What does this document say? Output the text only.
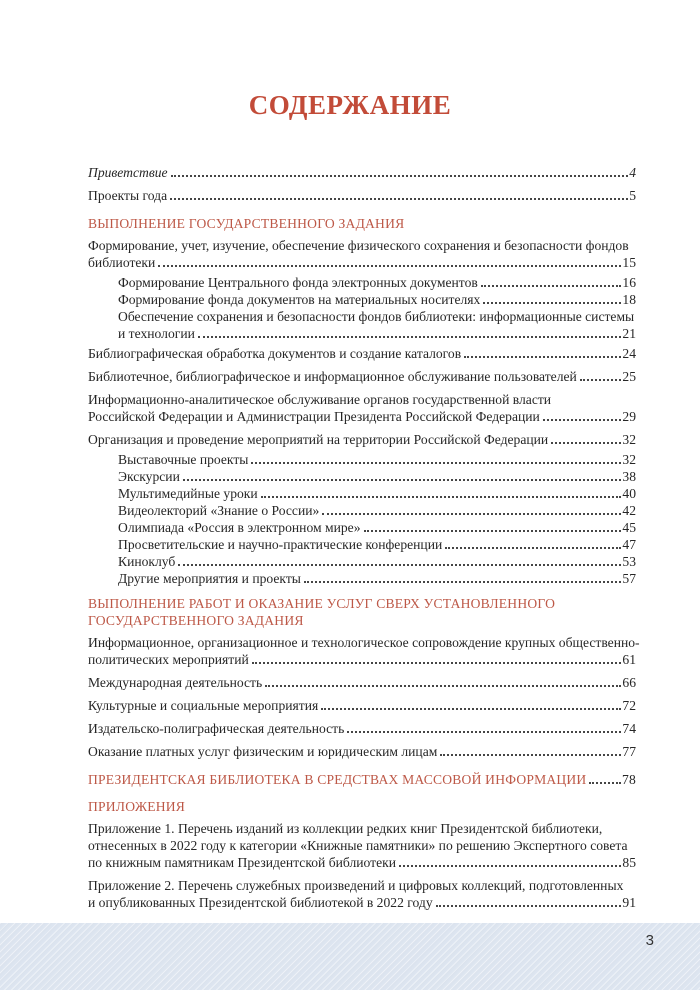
СОДЕРЖАНИЕ
Приветствие	4
Проекты года	5
ВЫПОЛНЕНИЕ ГОСУДАРСТВЕННОГО ЗАДАНИЯ
Формирование, учет, изучение, обеспечение физического сохранения и безопасности фондов
библиотеки	15
Формирование Центрального фонда электронных документов	16
Формирование фонда документов на материальных носителях	18
Обеспечение сохранения и безопасности фондов библиотеки: информационные системы
и технологии	21
Библиографическая обработка документов и создание каталогов	24
Библиотечное, библиографическое и информационное обслуживание пользователей	25
Информационно-аналитическое обслуживание органов государственной власти
Российской Федерации и Администрации Президента Российской Федерации	29
Организация и проведение мероприятий на территории Российской Федерации	32
Выставочные проекты	32
Экскурсии	38
Мультимедийные уроки	40
Видеолекторий «Знание о России»	42
Олимпиада «Россия в электронном мире»	45
Просветительские и научно-практические конференции	47
Киноклуб	53
Другие мероприятия и проекты	57
ВЫПОЛНЕНИЕ РАБОТ И ОКАЗАНИЕ УСЛУГ СВЕРХ УСТАНОВЛЕННОГО
ГОСУДАРСТВЕННОГО ЗАДАНИЯ
Информационное, организационное и технологическое сопровождение крупных общественно-
политических мероприятий	61
Международная деятельность	66
Культурные и социальные мероприятия	72
Издательско-полиграфическая деятельность	74
Оказание платных услуг физическим и юридическим лицам	77
ПРЕЗИДЕНТСКАЯ БИБЛИОТЕКА В СРЕДСТВАХ МАССОВОЙ ИНФОРМАЦИИ	78
ПРИЛОЖЕНИЯ
Приложение 1. Перечень изданий из коллекции редких книг Президентской библиотеки,
отнесенных в 2022 году к категории «Книжные памятники» по решению Экспертного совета
по книжным памятникам Президентской библиотеки	85
Приложение 2. Перечень служебных произведений и цифровых коллекций, подготовленных
и опубликованных Президентской библиотекой в 2022 году	91
3
